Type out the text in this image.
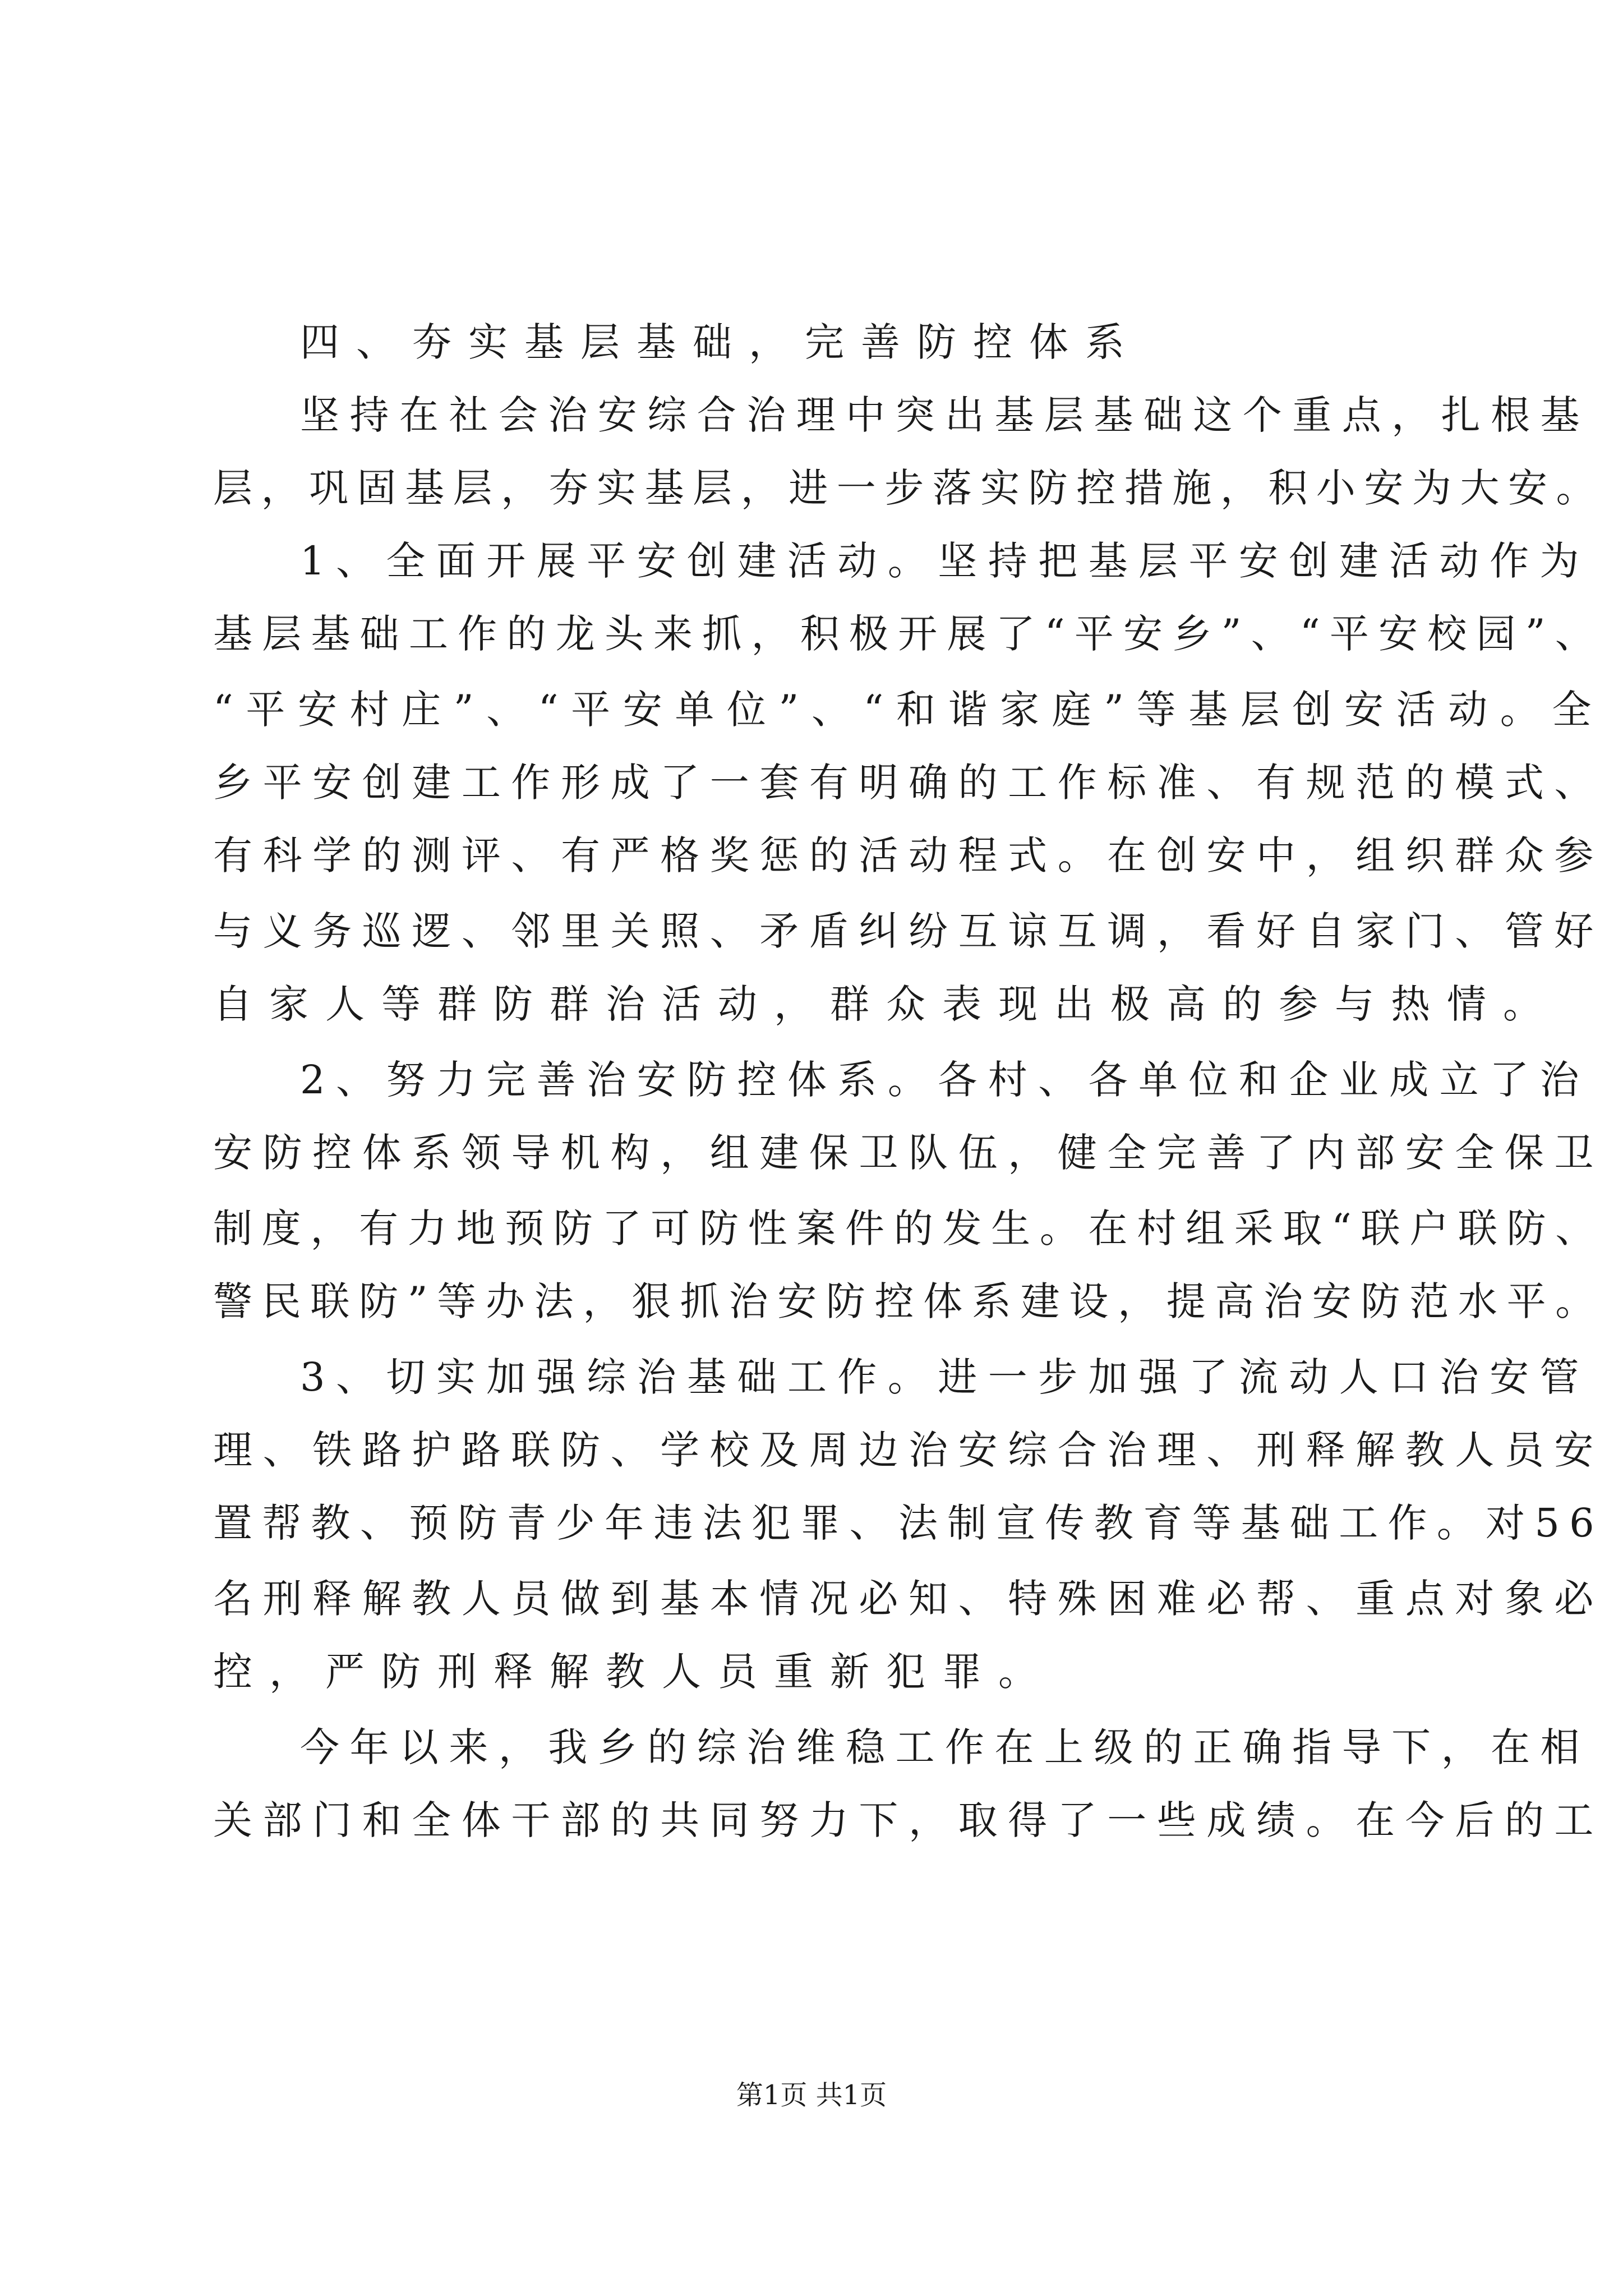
四、夯实基层基础，完善防控体系
坚持在社会治安综合治理中突出基层基础这个重点，扎根基
层，巩固基层，夯实基层，进一步落实防控措施，积小安为大安。
1、全面开展平安创建活动。坚持把基层平安创建活动作为
基层基础工作的龙头来抓，积极开展了“平安乡”、“平安校园”、
“平安村庄”、“平安单位”、“和谐家庭”等基层创安活动。全
乡平安创建工作形成了一套有明确的工作标准、有规范的模式、
有科学的测评、有严格奖惩的活动程式。在创安中，组织群众参
与义务巡逻、邻里关照、矛盾纠纷互谅互调，看好自家门、管好
自家人等群防群治活动，群众表现出极高的参与热情。
2、努力完善治安防控体系。各村、各单位和企业成立了治
安防控体系领导机构，组建保卫队伍，健全完善了内部安全保卫
制度，有力地预防了可防性案件的发生。在村组采取“联户联防、
警民联防”等办法，狠抓治安防控体系建设，提高治安防范水平。
3、切实加强综治基础工作。进一步加强了流动人口治安管
理、铁路护路联防、学校及周边治安综合治理、刑释解教人员安
置帮教、预防青少年违法犯罪、法制宣传教育等基础工作。对56
名刑释解教人员做到基本情况必知、特殊困难必帮、重点对象必
控，严防刑释解教人员重新犯罪。
今年以来，我乡的综治维稳工作在上级的正确指导下，在相
关部门和全体干部的共同努力下，取得了一些成绩。在今后的工
第1页 共1页
